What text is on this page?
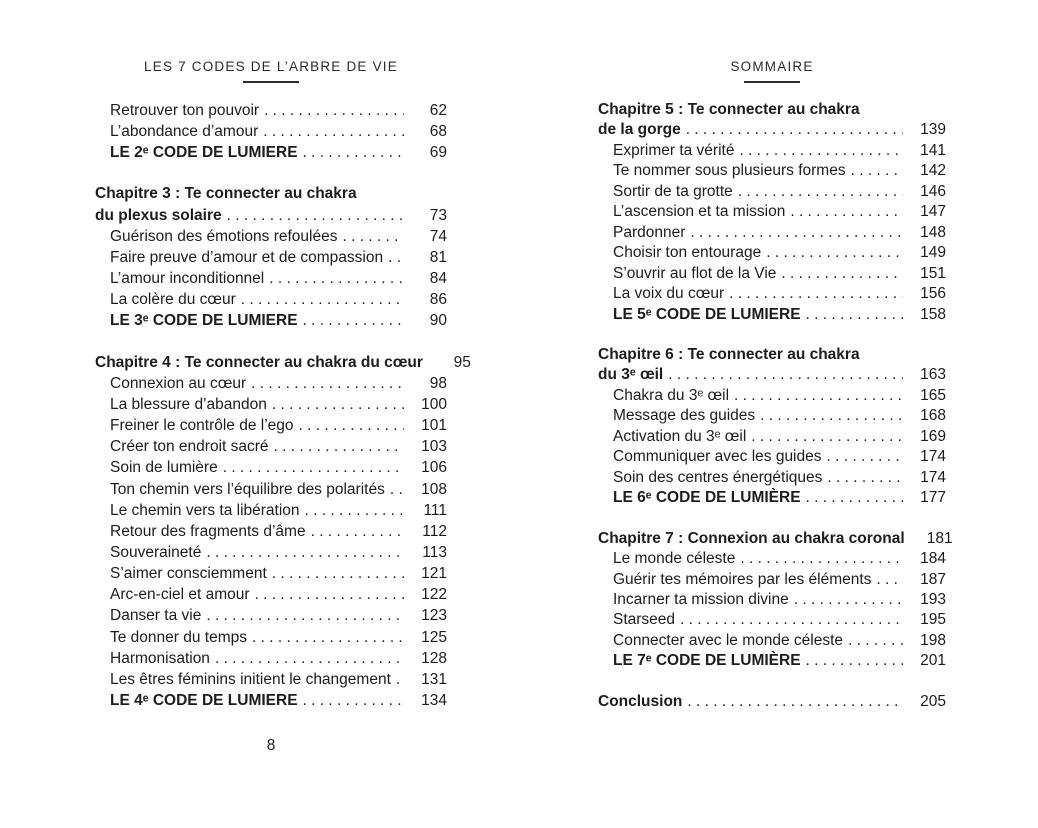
LES 7 CODES DE L’ARBRE DE VIE
Retrouver ton pouvoir . . .	62
L’abondance d’amour . . .	68
LE 2ᵉ CODE DE LUMIERE . . .	69
Chapitre 3 : Te connecter au chakra
du plexus solaire . . .	73
Guérison des émotions refoulées . . .	74
Faire preuve d’amour et de compassion . . .	81
L’amour inconditionnel . . .	84
La colère du cœur . . .	86
LE 3ᵉ CODE DE LUMIERE . . .	90
Chapitre 4 : Te connecter au chakra du cœur	95
Connexion au cœur . . .	98
La blessure d’abandon . . .	100
Freiner le contrôle de l’ego . . .	101
Créer ton endroit sacré . . .	103
Soin de lumière . . .	106
Ton chemin vers l’équilibre des polarités . . .	108
Le chemin vers ta libération . . .	111
Retour des fragments d’âme . . .	112
Souveraineté . . .	113
S’aimer consciemment . . .	121
Arc-en-ciel et amour . . .	122
Danser ta vie . . .	123
Te donner du temps . . .	125
Harmonisation . . .	128
Les êtres féminins initient le changement . . .	131
LE 4ᵉ CODE DE LUMIERE . . .	134
8
SOMMAIRE
Chapitre 5 : Te connecter au chakra
de la gorge . . .	139
Exprimer ta vérité . . .	141
Te nommer sous plusieurs formes . . .	142
Sortir de ta grotte . . .	146
L’ascension et ta mission . . .	147
Pardonner . . .	148
Choisir ton entourage . . .	149
S’ouvrir au flot de la Vie . . .	151
La voix du cœur . . .	156
LE 5ᵉ CODE DE LUMIERE . . .	158
Chapitre 6 : Te connecter au chakra
du 3ᵉ œil . . .	163
Chakra du 3ᵉ œil . . .	165
Message des guides . . .	168
Activation du 3ᵉ œil . . .	169
Communiquer avec les guides . . .	174
Soin des centres énergétiques . . .	174
LE 6ᵉ CODE DE LUMIÈRE . . .	177
Chapitre 7 : Connexion au chakra coronal	181
Le monde céleste . . .	184
Guérir tes mémoires par les éléments . . .	187
Incarner ta mission divine . . .	193
Starseed . . .	195
Connecter avec le monde céleste . . .	198
LE 7ᵉ CODE DE LUMIÈRE . . .	201
Conclusion . . .	205
